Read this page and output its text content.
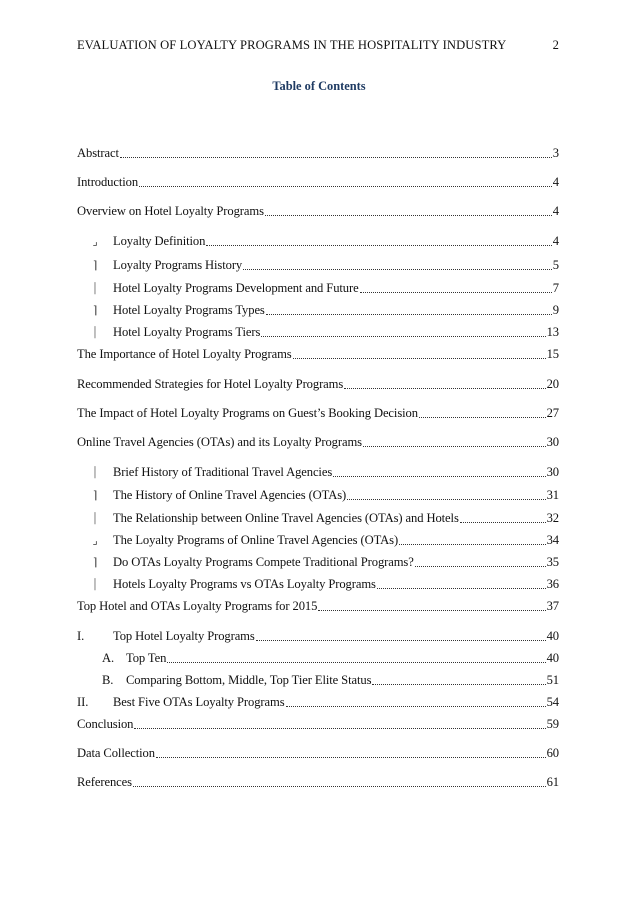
EVALUATION OF LOYALTY PROGRAMS IN THE HOSPITALITY INDUSTRY	2
Table of Contents
Abstract	3
Introduction	4
Overview on Hotel Loyalty Programs	4
⌟	Loyalty Definition	4
⌉	Loyalty Programs History	5
⏐	Hotel Loyalty Programs Development and Future	7
⌉	Hotel Loyalty Programs Types	9
⏐	Hotel Loyalty Programs Tiers	13
The Importance of Hotel Loyalty Programs	15
Recommended Strategies for Hotel Loyalty Programs	20
The Impact of Hotel Loyalty Programs on Guest’s Booking Decision	27
Online Travel Agencies (OTAs) and its Loyalty Programs	30
⏐	Brief History of Traditional Travel Agencies	30
⌉	The History of Online Travel Agencies (OTAs)	31
⏐	The Relationship between Online Travel Agencies (OTAs) and Hotels	32
⌟	The Loyalty Programs of Online Travel Agencies (OTAs)	34
⌉	Do OTAs Loyalty Programs Compete Traditional Programs?	35
⏐	Hotels Loyalty Programs vs OTAs Loyalty Programs	36
Top Hotel and OTAs Loyalty Programs for 2015	37
I.	Top Hotel Loyalty Programs	40
A. Top Ten	40
B.	Comparing Bottom, Middle, Top Tier Elite Status	51
II.	Best Five OTAs Loyalty Programs	54
Conclusion	59
Data Collection	60
References	61
